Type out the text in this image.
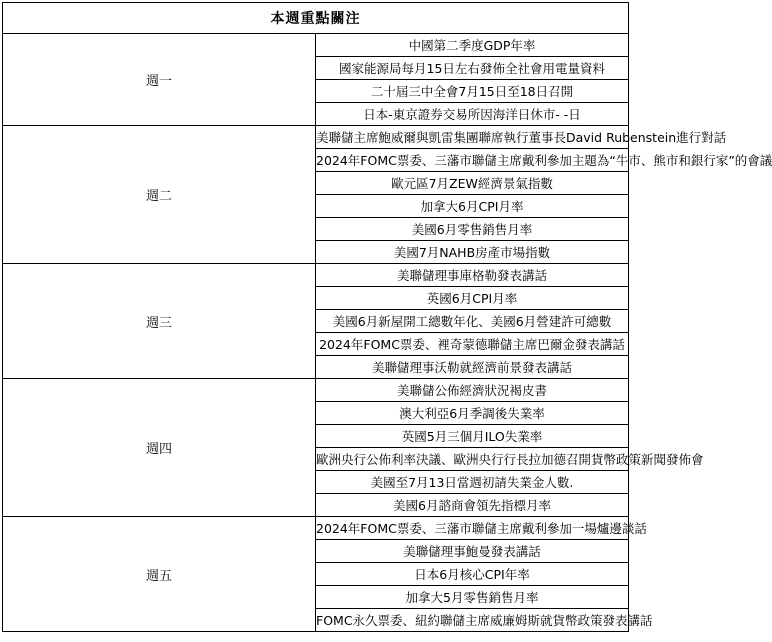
本週重點關注	
週一	中國第二季度GDP年率
	國家能源局每月15日左右發佈全社會用電量資料
	二十屆三中全會7月15日至18日召開
	日本-東京證券交易所因海洋日休市- -日
週二	美聯儲主席鮑威爾與凱雷集團聯席執行董事長David Rubenstein進行對話
	2024年FOMC票委、三藩市聯儲主席戴利參加主題為“牛市、熊市和銀行家”的會議
	歐元區7月ZEW經濟景氣指數
	加拿大6月CPI月率
	美國6月零售銷售月率
	美國7月NAHB房產市場指數
週三	美聯儲理事庫格勒發表講話
	英國6月CPI月率
	美國6月新屋開工總數年化、美國6月營建許可總數
	2024年FOMC票委、裡奇蒙德聯儲主席巴爾金發表講話
	美聯儲理事沃勒就經濟前景發表講話
週四	美聯儲公佈經濟狀況褐皮書
	澳大利亞6月季調後失業率
	英國5月三個月ILO失業率
	歐洲央行公佈利率決議、歐洲央行行長拉加德召開貨幣政策新聞發佈會
	美國至7月13日當週初請失業金人數.
	美國6月諮商會領先指標月率
週五	2024年FOMC票委、三藩市聯儲主席戴利參加一場爐邊談話
	美聯儲理事鮑曼發表講話
	日本6月核心CPI年率
	加拿大5月零售銷售月率
	FOMC永久票委、紐約聯儲主席威廉姆斯就貨幣政策發表講話
